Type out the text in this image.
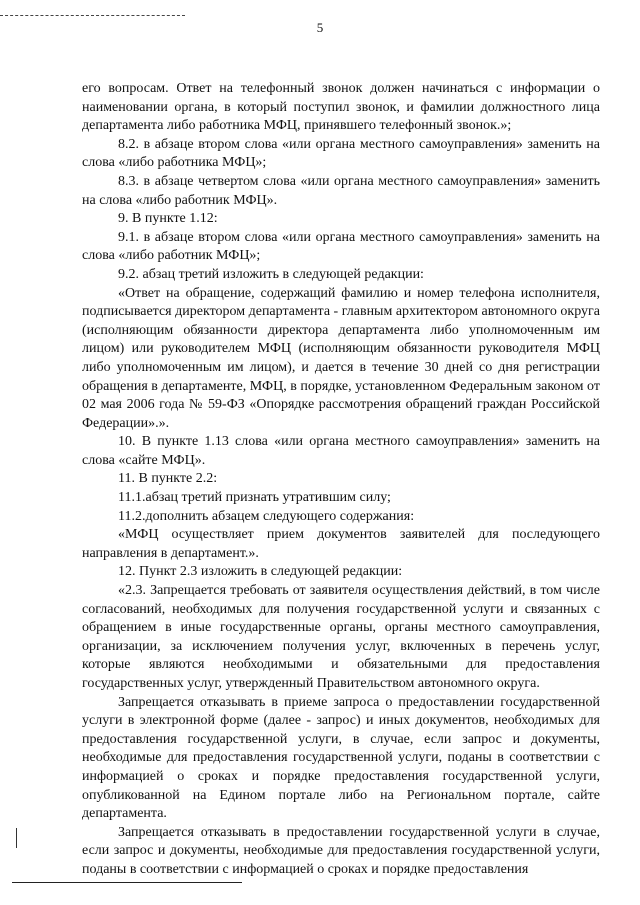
5

его вопросам. Ответ на телефонный звонок должен начинаться с информации о наименовании органа, в который поступил звонок, и фамилии должностного лица департамента либо работника МФЦ, принявшего телефонный звонок.»;

8.2. в абзаце втором слова «или органа местного самоуправления» заменить на слова «либо работника МФЦ»;

8.3. в абзаце четвертом слова «или органа местного самоуправления» заменить на слова «либо работник МФЦ».

9. В пункте 1.12:

9.1. в абзаце втором слова «или органа местного самоуправления» заменить на слова «либо работник МФЦ»;

9.2. абзац третий изложить в следующей редакции:

«Ответ на обращение, содержащий фамилию и номер телефона исполнителя, подписывается директором департамента - главным архитектором автономного округа (исполняющим обязанности директора департамента либо уполномоченным им лицом) или руководителем МФЦ (исполняющим обязанности руководителя МФЦ либо уполномоченным им лицом), и дается в течение 30 дней со дня регистрации обращения в департаменте, МФЦ, в порядке, установленном Федеральным законом от 02 мая 2006 года № 59-ФЗ «Опорядке рассмотрения обращений граждан Российской Федерации».».

10. В пункте 1.13 слова «или органа местного самоуправления» заменить на слова «сайте МФЦ».

11. В пункте 2.2:

11.1.абзац третий признать утратившим силу;

11.2.дополнить абзацем следующего содержания:

«МФЦ осуществляет прием документов заявителей для последующего направления в департамент.».

12. Пункт 2.3 изложить в следующей редакции:

«2.3. Запрещается требовать от заявителя осуществления действий, в том числе согласований, необходимых для получения государственной услуги и связанных с обращением в иные государственные органы, органы местного самоуправления, организации, за исключением получения услуг, включенных в перечень услуг, которые являются необходимыми и обязательными для предоставления государственных услуг, утвержденный Правительством автономного округа.

Запрещается отказывать в приеме запроса о предоставлении государственной услуги в электронной форме (далее - запрос) и иных документов, необходимых для предоставления государственной услуги, в случае, если запрос и документы, необходимые для предоставления государственной услуги, поданы в соответствии с информацией о сроках и порядке предоставления государственной услуги, опубликованной на Едином портале либо на Региональном портале, сайте департамента.

Запрещается отказывать в предоставлении государственной услуги в случае, если запрос и документы, необходимые для предоставления государственной услуги, поданы в соответствии с информацией о сроках и порядке предоставления
